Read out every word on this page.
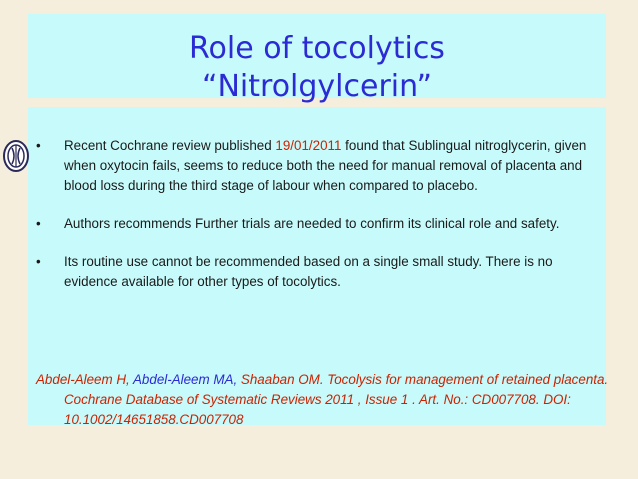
Role of tocolytics
“Nitrolgylcerin”
•	Recent Cochrane review published 19/01/2011 found that Sublingual nitroglycerin, given when oxytocin fails, seems to reduce both the need for manual removal of placenta and blood loss during the third stage of labour when compared to placebo.
•	Authors recommends Further trials are needed to confirm its clinical role and safety.
•	Its routine use cannot be recommended based on a single small study. There is no evidence available for other types of tocolytics.
Abdel-Aleem H, Abdel-Aleem MA, Shaaban OM. Tocolysis for management of retained placenta. Cochrane Database of Systematic Reviews 2011 , Issue 1 . Art. No.: CD007708. DOI: 10.1002/14651858.CD007708
